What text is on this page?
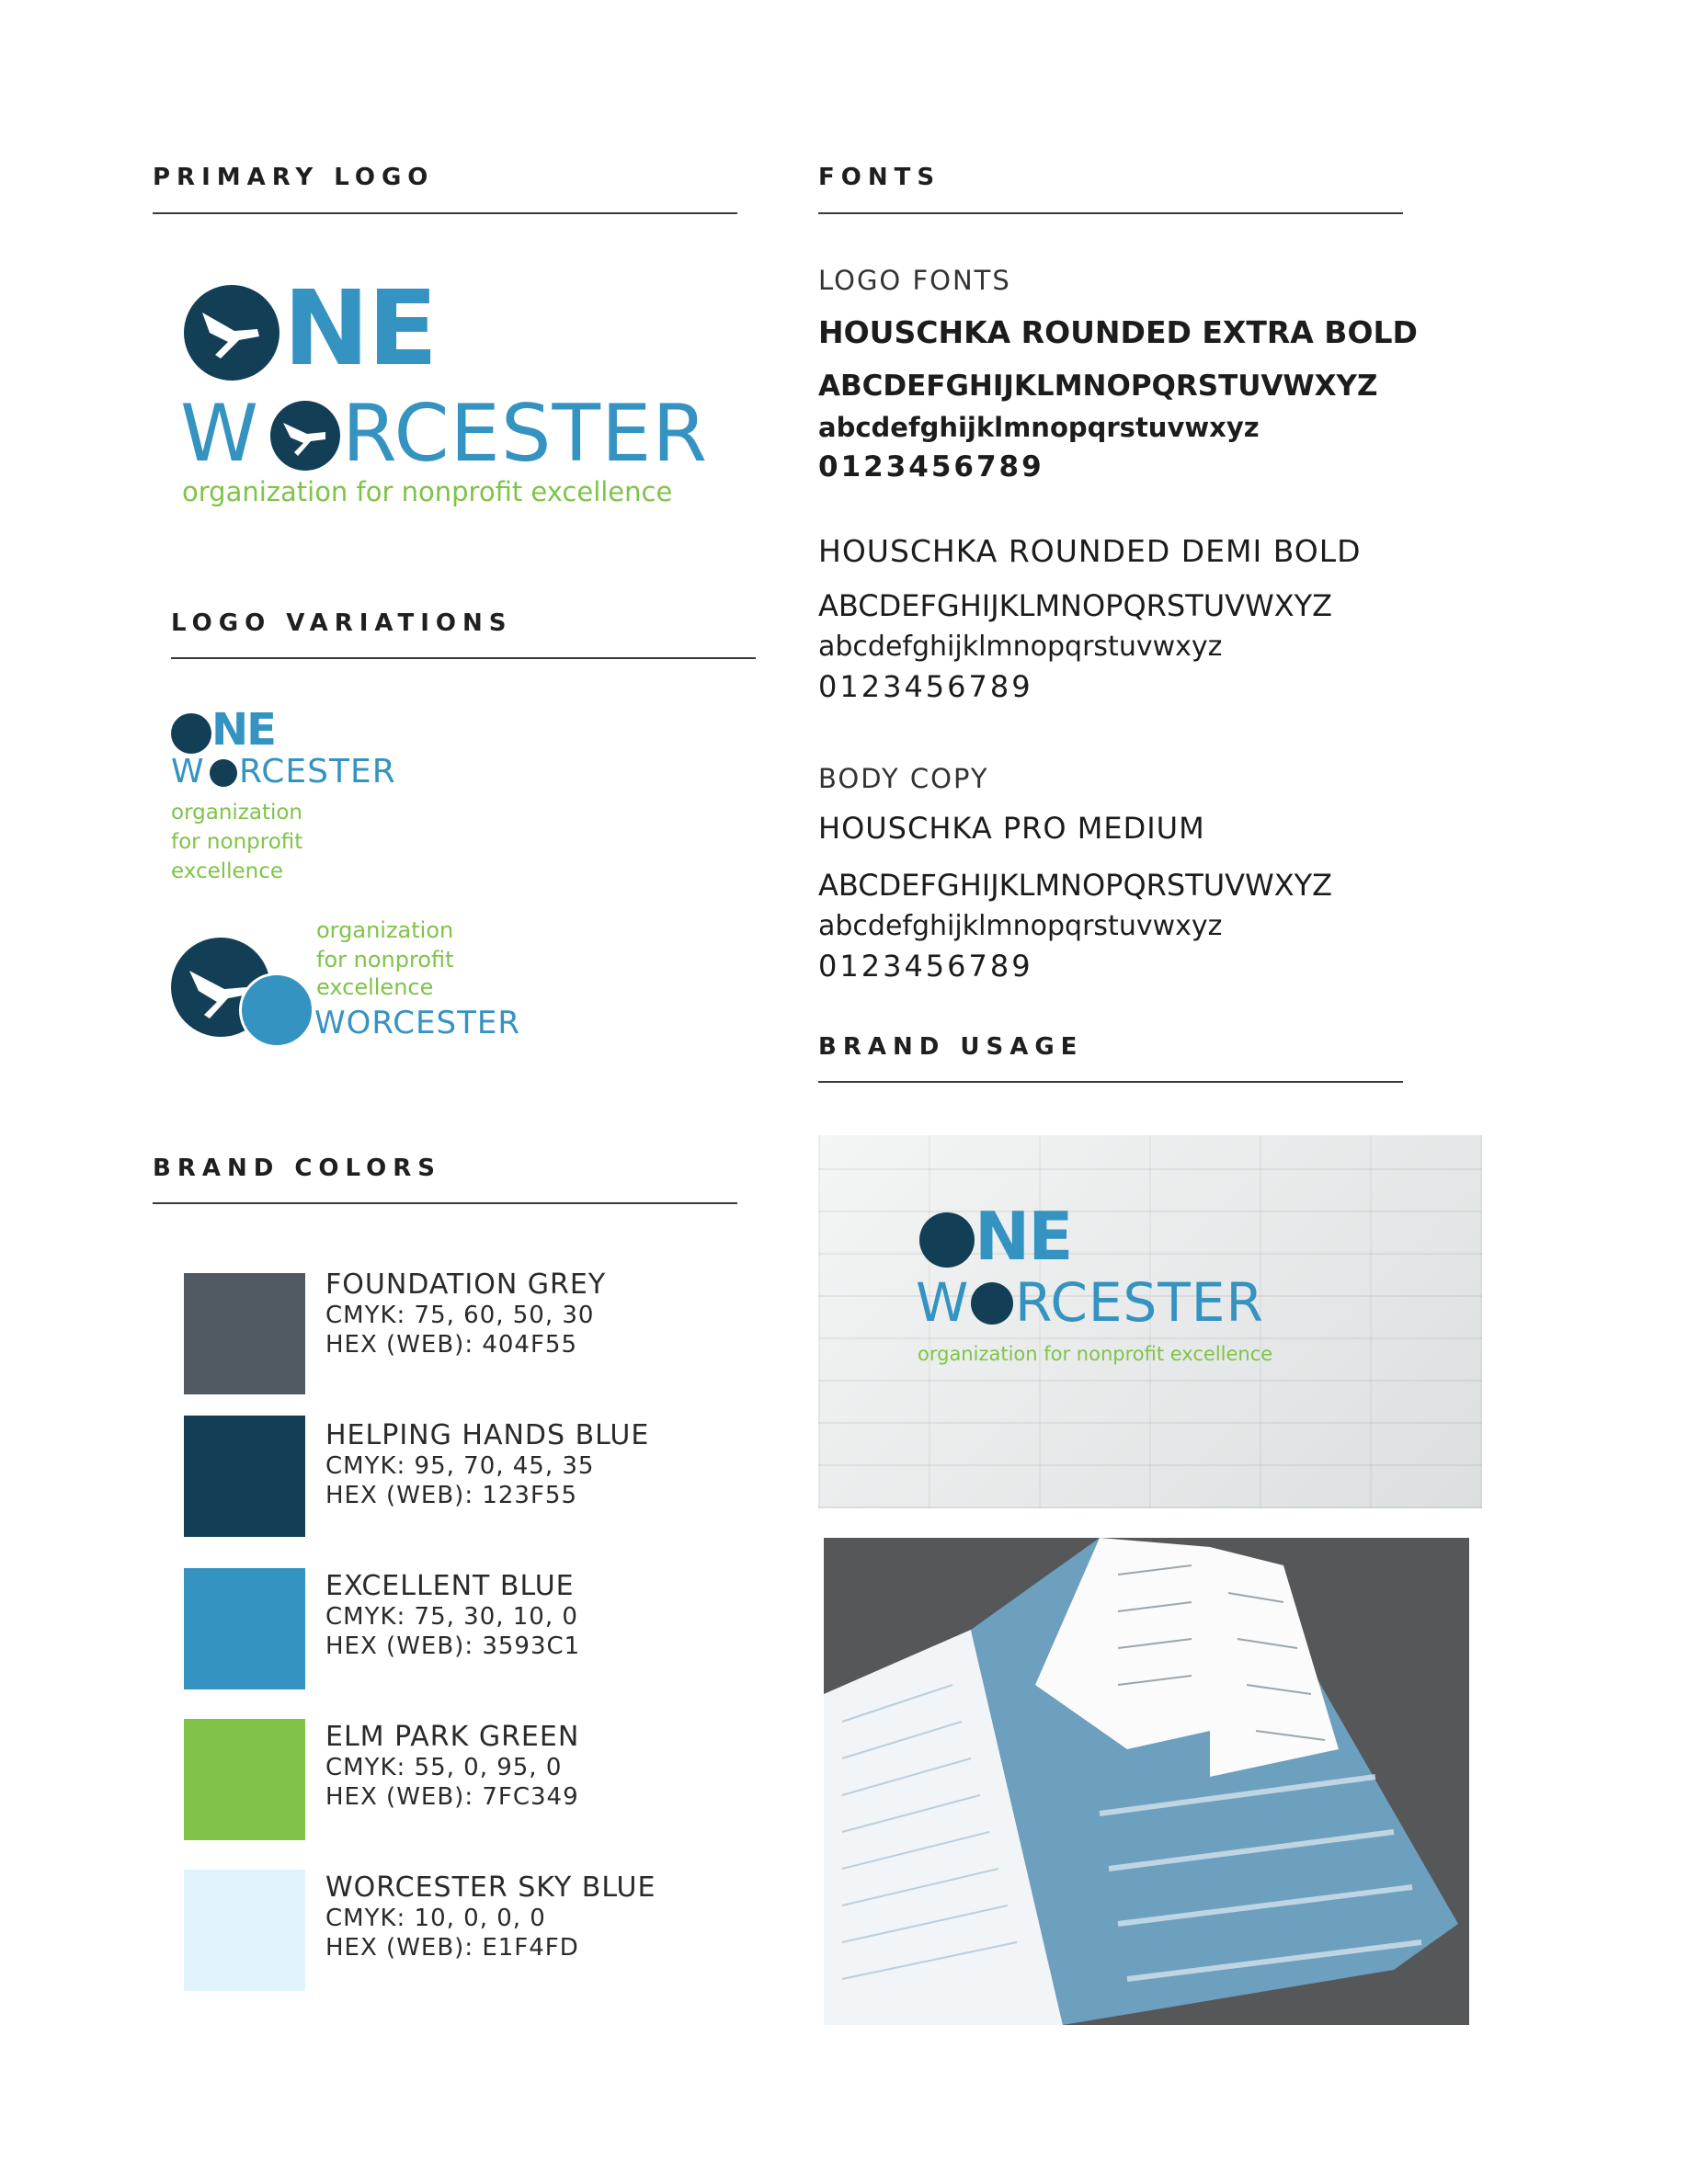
PRIMARY LOGO
NE
W RCESTER
organization for nonprofit excellence
LOGO VARIATIONS
NE
W RCESTER
organization
for nonprofit
excellence
organization
for nonprofit
excellence
WORCESTER
BRAND COLORS
FOUNDATION GREY
CMYK: 75, 60, 50, 30
HEX (WEB): 404F55
HELPING HANDS BLUE
CMYK: 95, 70, 45, 35
HEX (WEB): 123F55
EXCELLENT BLUE
CMYK: 75, 30, 10, 0
HEX (WEB): 3593C1
ELM PARK GREEN
CMYK: 55, 0, 95, 0
HEX (WEB): 7FC349
WORCESTER SKY BLUE
CMYK: 10, 0, 0, 0
HEX (WEB): E1F4FD
FONTS
LOGO FONTS
HOUSCHKA ROUNDED EXTRA BOLD
ABCDEFGHIJKLMNOPQRSTUVWXYZ
abcdefghijklmnopqrstuvwxyz
0123456789
HOUSCHKA ROUNDED DEMI BOLD
ABCDEFGHIJKLMNOPQRSTUVWXYZ
abcdefghijklmnopqrstuvwxyz
0123456789
BODY COPY
HOUSCHKA PRO MEDIUM
ABCDEFGHIJKLMNOPQRSTUVWXYZ
abcdefghijklmnopqrstuvwxyz
0123456789
BRAND USAGE
NE
W RCESTER
organization for nonprofit excellence
